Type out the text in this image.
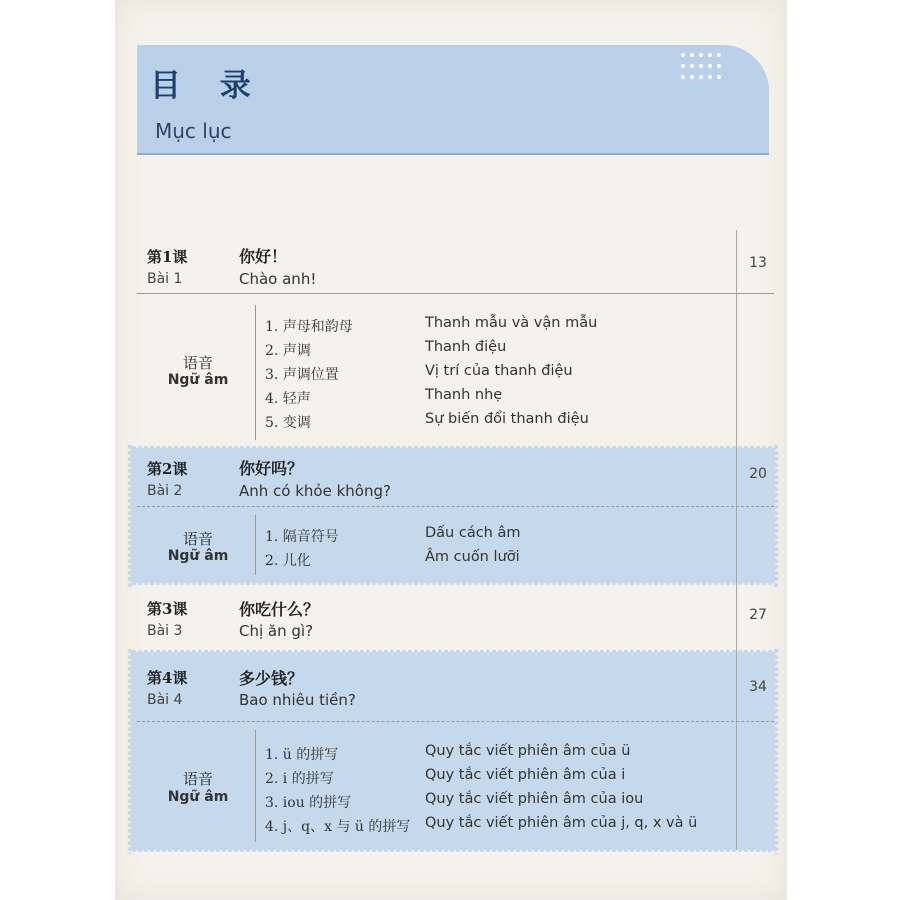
目 录
Mục lục
第1课
Bài 1
你好！
Chào anh!
13
语音
Ngữ âm
1. 声母和韵母	Thanh mẫu và vận mẫu
2. 声调	Thanh điệu
3. 声调位置	Vị trí của thanh điệu
4. 轻声	Thanh nhẹ
5. 变调	Sự biến đổi thanh điệu
第2课
Bài 2
你好吗？
Anh có khỏe không?
20
语音
Ngữ âm
1. 隔音符号	Dấu cách âm
2. 儿化	Âm cuốn lưỡi
第3课
Bài 3
你吃什么？
Chị ăn gì?
27
第4课
Bài 4
多少钱？
Bao nhiêu tiền?
34
语音
Ngữ âm
1. ü 的拼写	Quy tắc viết phiên âm của ü
2. i 的拼写	Quy tắc viết phiên âm của i
3. iou 的拼写	Quy tắc viết phiên âm của iou
4. j、q、x 与 ü 的拼写 Quy tắc viết phiên âm của j, q, x và ü
